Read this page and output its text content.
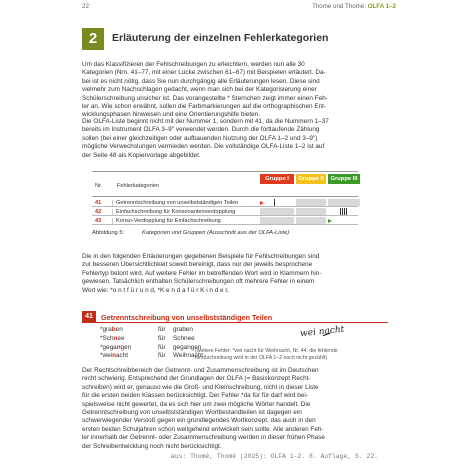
22	Thomé und Thomé: OLFA 1–2
2	Erläuterung der einzelnen Fehlerkategorien
Um das Klassifizieren der Fehlschreibungen zu erleichtern, werden nun alle 30
Kategorien (Nrn. 41–77, mit einer Lücke zwischen 61–67) mit Beispielen erläutert. Da-
bei ist es nicht nötig, dass Sie nun durchgängig alle Erläuterungen lesen. Diese sind
vielmehr zum Nachschlagen gedacht, wenn man sich bei der Kategorisierung einer
Schülerschreibung unsicher ist. Das vorangestellte * Sternchen zeigt immer einen Feh-
ler an. Wie schon erwähnt, sollen die Farbmarkierungen auf die orthographischen Ent-
wicklungsphasen hinweisen und eine Orientierungshilfe bieten.
Die OLFA-Liste beginnt nicht mit der Nummer 1, sondern mit 41, da die Nummern 1–37
bereits im Instrument OLFA 3–9" verwendet werden. Durch die fortlaufende Zählung
sollen (bei einer gleichzeitigen oder aufbauenden Nutzung der OLFA 1–2 und 3–9")
mögliche Verwechslungen vermieden werden. Die vollständige OLFA-Liste 1–2 ist auf
der Seite 48 als Kopiervorlage abgebildet.
Nr.	Fehlerkategorien
Gruppe I	Gruppe II	Gruppe III
41	Getrenntschreibung von unselbstständigen Teilen
42	Einfachschreibung für Konsonantenverdopplung
43	Konso-Verdopplung für Einfachschreibung
Abbildung 5:	Kategorien und Gruppen (Ausschnitt aus der OLFA-Liste)
Die in den folgenden Erläuterungen gegebenen Beispiele für Fehlschreibungen sind
zur besseren Übersichtlichkeit soweit bereinigt, dass nur der jeweils besprochene
Fehlertyp betont wird. Auf weitere Fehler im betreffenden Wort wird in Klammern hin-
gewiesen. Tatsächlich enthalten Schülerschreibungen oft mehrere Fehler in einem
Wort wie: *o n t f ü r u n d, *K e n d a f ü r K i n d e r.
41	Getrenntschreibung von unselbstständigen Teilen
*graben	für graben
*Schnee	für Schnee
*gegangen	für gegangen
*weinacht	für Weihnacht
(weitere Fehler: *wei nacht für Weihnacht, Nr. 44: die fehlende
Großschreibung wird in der OLFA 1–2 noch nicht gezählt)
wei nacht
Der Rechtschreibbereich der Getrennt- und Zusammenschreibung ist im Deutschen
recht schwierig. Entsprechend der Grundlagen der OLFA (= Basiskonzept Recht-
schreiben) wird er, genauso wie die Groß- und Kleinschreibung, nicht in dieser Liste
für die ersten beiden Klassen berücksichtigt. Der Fehler *da für für darf wird bei-
spielsweise nicht gewertet, da es sich hier um zwei mögliche Wörter handelt. Die
Getrenntschreibung von unselbstständigen Wortbestandteilen ist dagegen ein
schwerwiegender Verstoß gegen ein grundlegendes Wortkonzept, das auch in den
ersten beiden Schuljahren schon weitgehend entwickelt sein sollte. Alle anderen Feh-
ler innerhalb der Getrennt- oder Zusammenschreibung werden in dieser frühen Phase
der Schreibentwicklung noch nicht berücksichtigt.
aus: Thomé, Thomé (2025): OLFA 1–2. 8. Auflage, S. 22.
